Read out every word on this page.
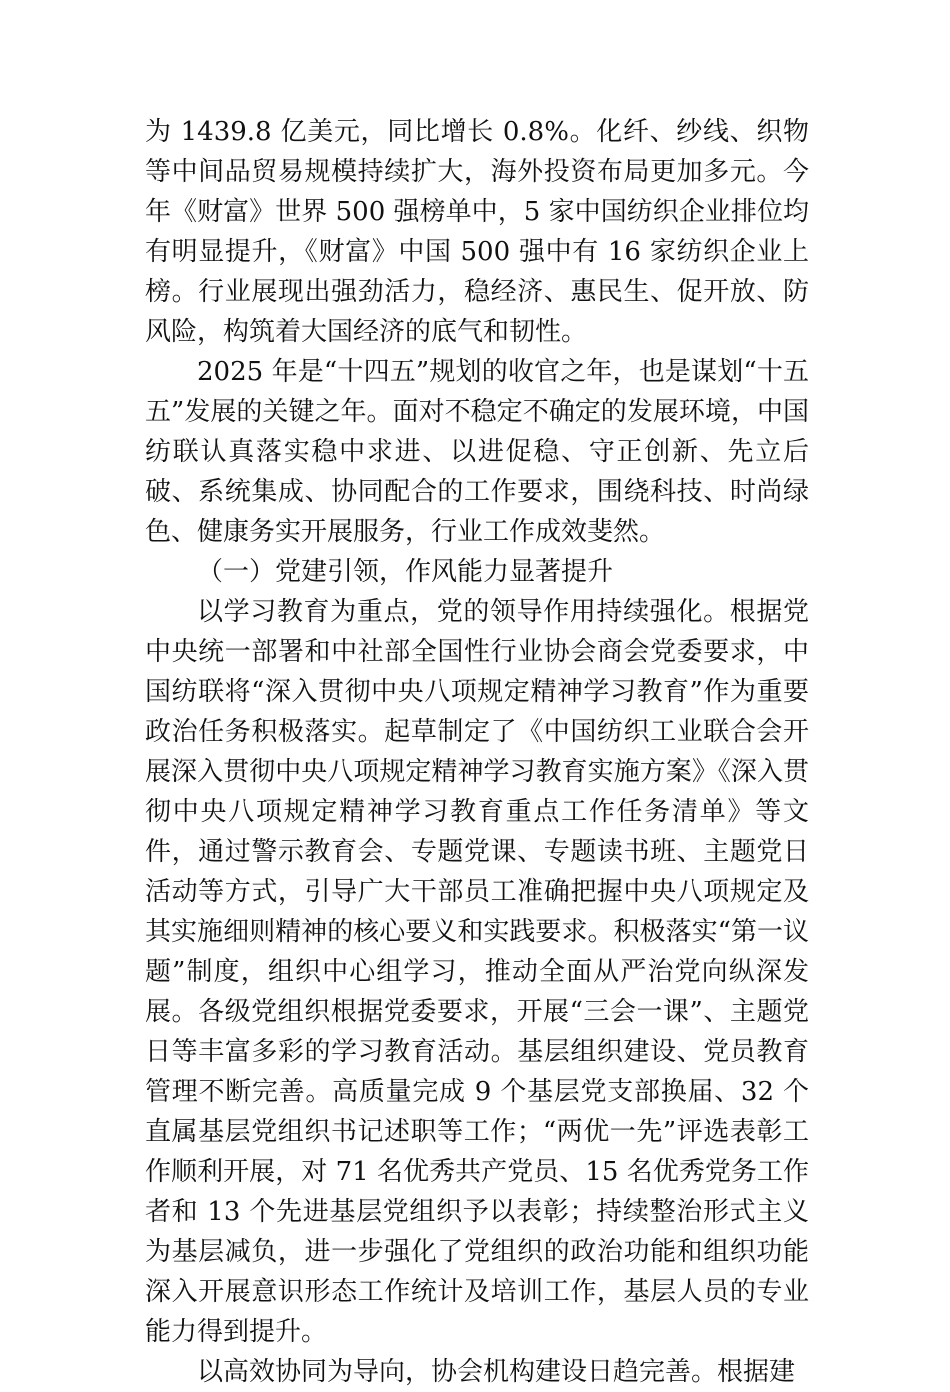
为 1439.8 亿美元，同比增长 0.8%。化纤、纱线、织物等中间品贸易规模持续扩大，海外投资布局更加多元。今年《财富》世界 500 强榜单中，5 家中国纺织企业排位均有明显提升，《财富》中国 500 强中有 16 家纺织企业上榜。行业展现出强劲活力，稳经济、惠民生、促开放、防风险，构筑着大国经济的底气和韧性。

2025 年是“十四五”规划的收官之年，也是谋划“十五五”发展的关键之年。面对不稳定不确定的发展环境，中国纺联认真落实稳中求进、以进促稳、守正创新、先立后破、系统集成、协同配合的工作要求，围绕科技、时尚绿色、健康务实开展服务，行业工作成效斐然。

（一）党建引领，作风能力显著提升

以学习教育为重点，党的领导作用持续强化。根据党中央统一部署和中社部全国性行业协会商会党委要求，中国纺联将“深入贯彻中央八项规定精神学习教育”作为重要政治任务积极落实。起草制定了《中国纺织工业联合会开展深入贯彻中央八项规定精神学习教育实施方案》《深入贯彻中央八项规定精神学习教育重点工作任务清单》等文件，通过警示教育会、专题党课、专题读书班、主题党日活动等方式，引导广大干部员工准确把握中央八项规定及其实施细则精神的核心要义和实践要求。积极落实“第一议题”制度，组织中心组学习，推动全面从严治党向纵深发展。各级党组织根据党委要求，开展“三会一课”、主题党日等丰富多彩的学习教育活动。基层组织建设、党员教育管理不断完善。高质量完成 9 个基层党支部换届、32 个直属基层党组织书记述职等工作；“两优一先”评选表彰工作顺利开展，对 71 名优秀共产党员、15 名优秀党务工作者和 13 个先进基层党组织予以表彰；持续整治形式主义为基层减负，进一步强化了党组织的政治功能和组织功能深入开展意识形态工作统计及培训工作，基层人员的专业能力得到提升。

以高效协同为导向，协会机构建设日趋完善。根据建
